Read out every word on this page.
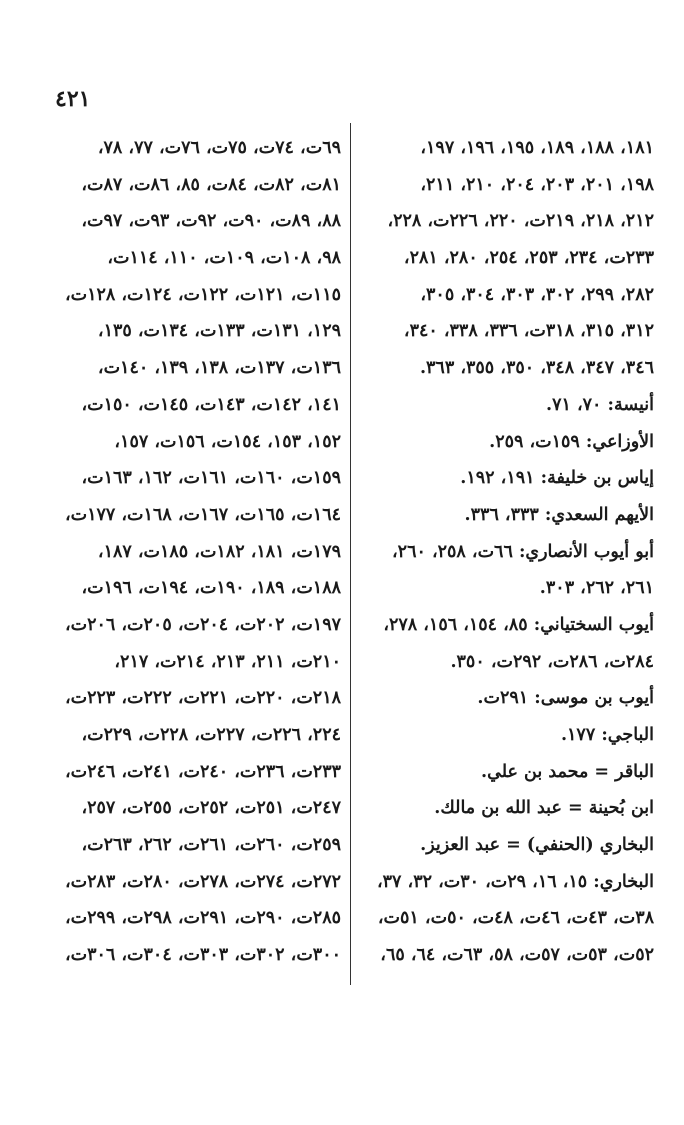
٤٢١
١٨١، ١٨٨، ١٨٩، ١٩٥، ١٩٦، ١٩٧،
١٩٨، ٢٠١، ٢٠٣، ٢٠٤، ٢١٠، ٢١١،
٢١٢، ٢١٨، ٢١٩ت، ٢٢٠، ٢٢٦ت، ٢٢٨،
٢٣٣ت، ٢٣٤، ٢٥٣، ٢٥٤، ٢٨٠، ٢٨١،
٢٨٢، ٢٩٩، ٣٠٢، ٣٠٣، ٣٠٤، ٣٠٥،
٣١٢، ٣١٥، ٣١٨ت، ٣٣٦، ٣٣٨، ٣٤٠،
٣٤٦، ٣٤٧، ٣٤٨، ٣٥٠، ٣٥٥، ٣٦٣.
أنيسة: ٧٠، ٧١.
الأوزاعي: ١٥٩ت، ٢٥٩.
إياس بن خليفة: ١٩١، ١٩٢.
الأيهم السعدي: ٣٣٣، ٣٣٦.
أبو أيوب الأنصاري: ٦٦ت، ٢٥٨، ٢٦٠،
٢٦١، ٢٦٢، ٣٠٣.
أيوب السختياني: ٨٥، ١٥٤، ١٥٦، ٢٧٨،
٢٨٤ت، ٢٨٦ت، ٢٩٢ت، ٣٥٠.
أيوب بن موسى: ٢٩١ت.
الباجي: ١٧٧.
الباقر = محمد بن علي.
ابن بُحينة = عبد الله بن مالك.
البخاري (الحنفي) = عبد العزيز.
البخاري: ١٥، ١٦، ٢٩ت، ٣٠ت، ٣٢، ٣٧،
٣٨ت، ٤٣ت، ٤٦ت، ٤٨ت، ٥٠ت، ٥١ت،
٥٢ت، ٥٣ت، ٥٧ت، ٥٨، ٦٣ت، ٦٤، ٦٥،
٦٩ت، ٧٤ت، ٧٥ت، ٧٦ت، ٧٧، ٧٨،
٨١ت، ٨٢ت، ٨٤ت، ٨٥، ٨٦ت، ٨٧ت،
٨٨، ٨٩ت، ٩٠ت، ٩٢ت، ٩٣ت، ٩٧ت،
٩٨، ١٠٨ت، ١٠٩ت، ١١٠، ١١٤ت،
١١٥ت، ١٢١ت، ١٢٢ت، ١٢٤ت، ١٢٨ت،
١٢٩، ١٣١ت، ١٣٣ت، ١٣٤ت، ١٣٥،
١٣٦ت، ١٣٧ت، ١٣٨، ١٣٩، ١٤٠ت،
١٤١، ١٤٢ت، ١٤٣ت، ١٤٥ت، ١٥٠ت،
١٥٢، ١٥٣، ١٥٤ت، ١٥٦ت، ١٥٧،
١٥٩ت، ١٦٠ت، ١٦١ت، ١٦٢، ١٦٣ت،
١٦٤ت، ١٦٥ت، ١٦٧ت، ١٦٨ت، ١٧٧ت،
١٧٩ت، ١٨١، ١٨٢ت، ١٨٥ت، ١٨٧،
١٨٨ت، ١٨٩، ١٩٠ت، ١٩٤ت، ١٩٦ت،
١٩٧ت، ٢٠٢ت، ٢٠٤ت، ٢٠٥ت، ٢٠٦ت،
٢١٠ت، ٢١١، ٢١٣، ٢١٤ت، ٢١٧،
٢١٨ت، ٢٢٠ت، ٢٢١ت، ٢٢٢ت، ٢٢٣ت،
٢٢٤، ٢٢٦ت، ٢٢٧ت، ٢٢٨ت، ٢٢٩ت،
٢٣٣ت، ٢٣٦ت، ٢٤٠ت، ٢٤١ت، ٢٤٦ت،
٢٤٧ت، ٢٥١ت، ٢٥٢ت، ٢٥٥ت، ٢٥٧،
٢٥٩ت، ٢٦٠ت، ٢٦١ت، ٢٦٢، ٢٦٣ت،
٢٧٢ت، ٢٧٤ت، ٢٧٨ت، ٢٨٠ت، ٢٨٣ت،
٢٨٥ت، ٢٩٠ت، ٢٩١ت، ٢٩٨ت، ٢٩٩ت،
٣٠٠ت، ٣٠٢ت، ٣٠٣ت، ٣٠٤ت، ٣٠٦ت،
